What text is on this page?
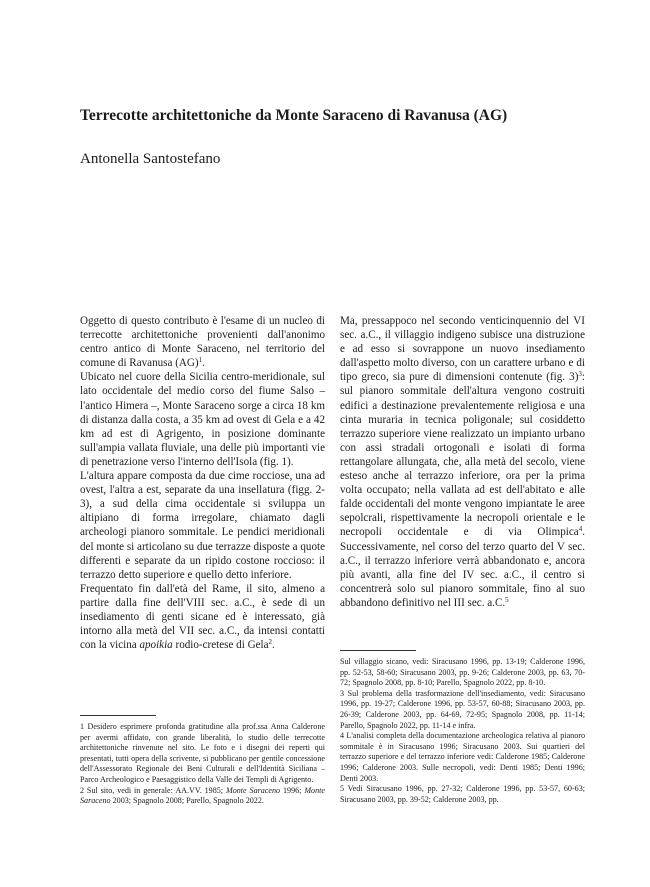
Terrecotte architettoniche da Monte Saraceno di Ravanusa (AG)
Antonella Santostefano

Oggetto di questo contributo è l'esame di un nucleo di terrecotte architettoniche provenienti dall'anonimo centro antico di Monte Saraceno, nel territorio del comune di Ravanusa (AG)$^1$.

Ubicato nel cuore della Sicilia centro-meridionale, sul lato occidentale del medio corso del fiume Salso – l'antico Himera –, Monte Saraceno sorge a circa 18 km di distanza dalla costa, a 35 km ad ovest di Gela e a 42 km ad est di Agrigento, in posizione dominante sull'ampia vallata fluviale, una delle più importanti vie di penetrazione verso l'interno dell'Isola (fig. 1).

L'altura appare composta da due cime rocciose, una ad ovest, l'altra a est, separate da una insellatura (figg. 2-3), a sud della cima occidentale si sviluppa un altipiano di forma irregolare, chiamato dagli archeologi pianoro sommitale. Le pendici meridionali del monte si articolano su due terrazze disposte a quote differenti e separate da un ripido costone roccioso: il terrazzo detto superiore e quello detto inferiore.

Frequentato fin dall'età del Rame, il sito, almeno a partire dalla fine dell'VIII sec. a.C., è sede di un insediamento di genti sicane ed è interessato, già intorno alla metà del VII sec. a.C., da intensi contatti con la vicina apoikia rodio-cretese di Gela$^2$.

Ma, pressappoco nel secondo venticinquennio del VI sec. a.C., il villaggio indigeno subisce una distruzione e ad esso si sovrappone un nuovo insediamento dall'aspetto molto diverso, con un carattere urbano e di tipo greco, sia pure di dimensioni contenute (fig. 3)$^3$: sul pianoro sommitale dell'altura vengono costruiti edifici a destinazione prevalentemente religiosa e una cinta muraria in tecnica poligonale; sul cosiddetto terrazzo superiore viene realizzato un impianto urbano con assi stradali ortogonali e isolati di forma rettangolare allungata, che, alla metà del secolo, viene esteso anche al terrazzo inferiore, ora per la prima volta occupato; nella vallata ad est dell'abitato e alle falde occidentali del monte vengono impiantate le aree sepolcrali, rispettivamente la necropoli orientale e le necropoli occidentale e di via Olimpica$^4$. Successivamente, nel corso del terzo quarto del V sec. a.C., il terrazzo inferiore verrà abbandonato e, ancora più avanti, alla fine del IV sec. a.C., il centro si concentrerà solo sul pianoro sommitale, fino al suo abbandono definitivo nel III sec. a.C.$^5$

1 Desidero esprimere profonda gratitudine alla prof.ssa Anna Calderone per avermi affidato, con grande liberalità, lo studio delle terrecotte architettoniche rinvenute nel sito. Le foto e i disegni dei reperti qui presentati, tutti opera della scrivente, si pubblicano per gentile concessione dell'Assessorato Regionale dei Beni Culturali e dell'Identità Siciliana – Parco Archeologico e Paesaggistico della Valle dei Templi di Agrigento.

2 Sul sito, vedi in generale: AA.VV. 1985; Monte Saraceno 1996; Monte Saraceno 2003; Spagnolo 2008; Parello, Spagnolo 2022.

Sul villaggio sicano, vedi: Siracusano 1996, pp. 13-19; Calderone 1996, pp. 52-53, 58-60; Siracusano 2003, pp. 9-26; Calderone 2003, pp. 63, 70-72; Spagnolo 2008, pp. 8-10; Parello, Spagnolo 2022, pp. 8-10.

3 Sul problema della trasformazione dell'insediamento, vedi: Siracusano 1996, pp. 19-27; Calderone 1996, pp. 53-57, 60-88; Siracusano 2003, pp. 26-39; Calderone 2003, pp. 64-69, 72-95; Spagnolo 2008, pp. 11-14; Parello, Spagnolo 2022, pp. 11-14 e infra.

4 L'analisi completa della documentazione archeologica relativa al pianoro sommitale è in Siracusano 1996; Siracusano 2003. Sui quartieri del terrazzo superiore e del terrazzo inferiore vedi: Calderone 1985; Calderone 1996; Calderone 2003. Sulle necropoli, vedi: Denti 1985; Denti 1996; Denti 2003.

5 Vedi Siracusano 1996, pp. 27-32; Calderone 1996, pp. 53-57, 60-63; Siracusano 2003, pp. 39-52; Calderone 2003, pp.
